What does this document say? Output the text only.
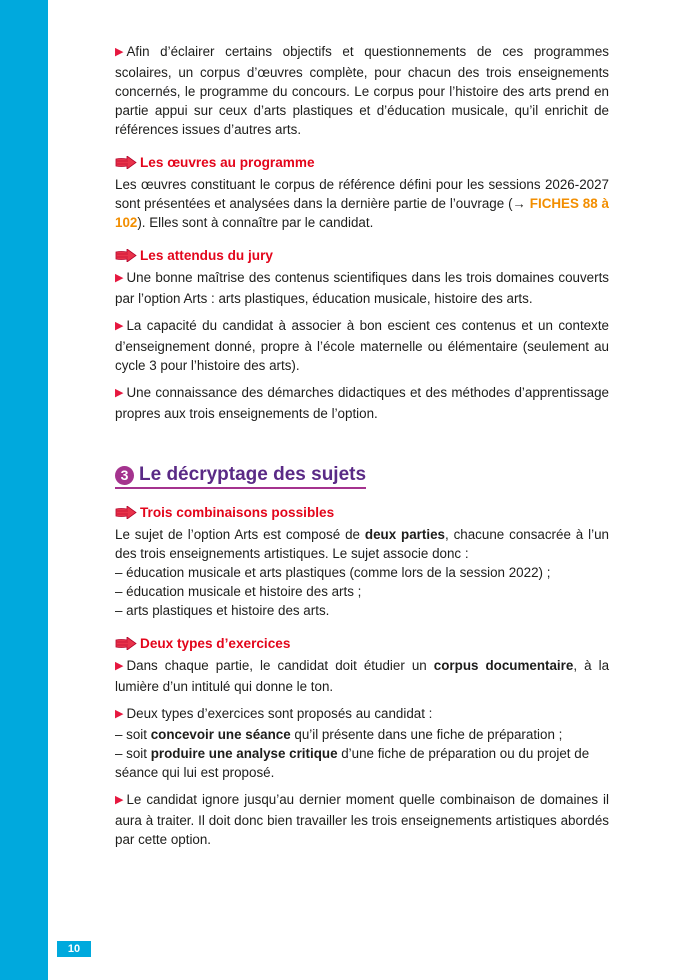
10

▶ Afin d’éclairer certains objectifs et questionnements de ces programmes scolaires, un corpus d’œuvres complète, pour chacun des trois enseignements concernés, le programme du concours. Le corpus pour l’histoire des arts prend en partie appui sur ceux d’arts plastiques et d’éducation musicale, qu’il enrichit de références issues d’autres arts.

Les œuvres au programme

Les œuvres constituant le corpus de référence défini pour les sessions 2026-2027 sont présentées et analysées dans la dernière partie de l’ouvrage (→ FICHES 88 à 102). Elles sont à connaître par le candidat.

Les attendus du jury

▶ Une bonne maîtrise des contenus scientifiques dans les trois domaines couverts par l’option Arts : arts plastiques, éducation musicale, histoire des arts.

▶ La capacité du candidat à associer à bon escient ces contenus et un contexte d’enseignement donné, propre à l’école maternelle ou élémentaire (seulement au cycle 3 pour l’histoire des arts).

▶ Une connaissance des démarches didactiques et des méthodes d’apprentissage propres aux trois enseignements de l’option.

3 Le décryptage des sujets
Trois combinaisons possibles

Le sujet de l’option Arts est composé de deux parties, chacune consacrée à l’un des trois enseignements artistiques. Le sujet associe donc :

– éducation musicale et arts plastiques (comme lors de la session 2022) ;
– éducation musicale et histoire des arts ;
– arts plastiques et histoire des arts.
Deux types d’exercices

▶ Dans chaque partie, le candidat doit étudier un corpus documentaire, à la lumière d’un intitulé qui donne le ton.

▶ Deux types d’exercices sont proposés au candidat :
– soit concevoir une séance qu’il présente dans une fiche de préparation ;
– soit produire une analyse critique d’une fiche de préparation ou du projet de séance qui lui est proposé.

▶ Le candidat ignore jusqu’au dernier moment quelle combinaison de domaines il aura à traiter. Il doit donc bien travailler les trois enseignements artistiques abordés par cette option.
